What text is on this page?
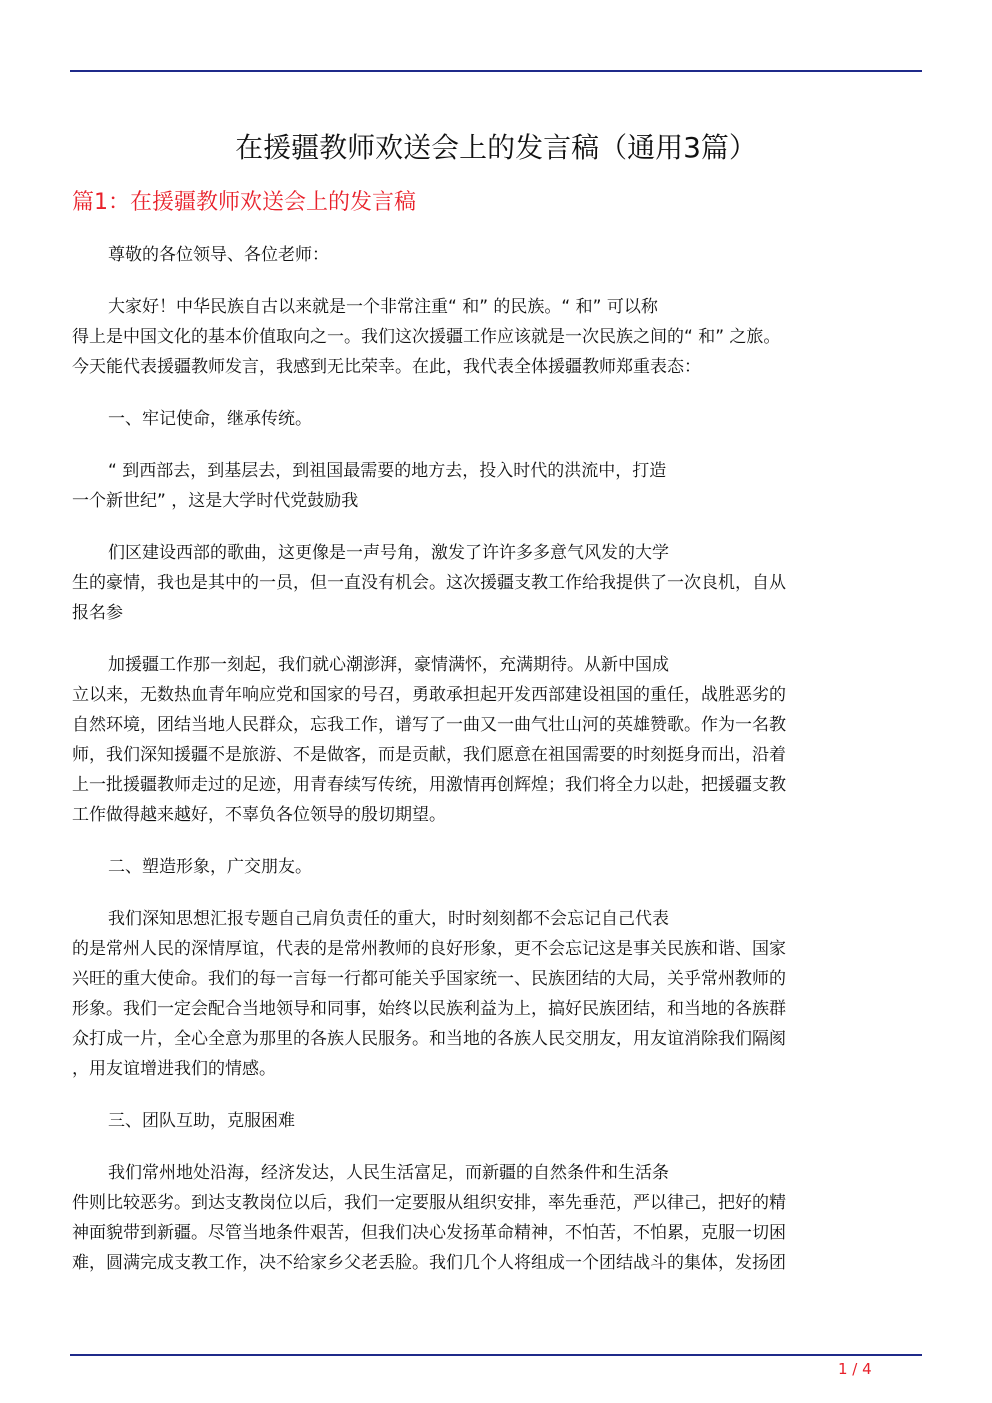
在援疆教师欢送会上的发言稿（通用3篇）
篇1：在援疆教师欢送会上的发言稿

尊敬的各位领导、各位老师：

大家好！中华民族自古以来就是一个非常注重“ 和” 的民族。“ 和” 可以称
得上是中国文化的基本价值取向之一。我们这次援疆工作应该就是一次民族之间的“ 和” 之旅。
今天能代表援疆教师发言，我感到无比荣幸。在此，我代表全体援疆教师郑重表态：

一、牢记使命，继承传统。

“ 到西部去，到基层去，到祖国最需要的地方去，投入时代的洪流中，打造
一个新世纪” ，这是大学时代党鼓励我

们区建设西部的歌曲，这更像是一声号角，激发了许许多多意气风发的大学
生的豪情，我也是其中的一员，但一直没有机会。这次援疆支教工作给我提供了一次良机，自从
报名参

加援疆工作那一刻起，我们就心潮澎湃，豪情满怀，充满期待。从新中国成
立以来，无数热血青年响应党和国家的号召，勇敢承担起开发西部建设祖国的重任，战胜恶劣的
自然环境，团结当地人民群众，忘我工作，谱写了一曲又一曲气壮山河的英雄赞歌。作为一名教
师，我们深知援疆不是旅游、不是做客，而是贡献，我们愿意在祖国需要的时刻挺身而出，沿着
上一批援疆教师走过的足迹，用青春续写传统，用激情再创辉煌；我们将全力以赴，把援疆支教
工作做得越来越好，不辜负各位领导的殷切期望。

二、塑造形象，广交朋友。

我们深知思想汇报专题自己肩负责任的重大，时时刻刻都不会忘记自己代表
的是常州人民的深情厚谊，代表的是常州教师的良好形象，更不会忘记这是事关民族和谐、国家
兴旺的重大使命。我们的每一言每一行都可能关乎国家统一、民族团结的大局，关乎常州教师的
形象。我们一定会配合当地领导和同事，始终以民族利益为上，搞好民族团结，和当地的各族群
众打成一片，全心全意为那里的各族人民服务。和当地的各族人民交朋友，用友谊消除我们隔阂
，用友谊增进我们的情感。

三、团队互助，克服困难

我们常州地处沿海，经济发达，人民生活富足，而新疆的自然条件和生活条
件则比较恶劣。到达支教岗位以后，我们一定要服从组织安排，率先垂范，严以律己，把好的精
神面貌带到新疆。尽管当地条件艰苦，但我们决心发扬革命精神，不怕苦，不怕累，克服一切困
难，圆满完成支教工作，决不给家乡父老丢脸。我们几个人将组成一个团结战斗的集体，发扬团

1 / 4
